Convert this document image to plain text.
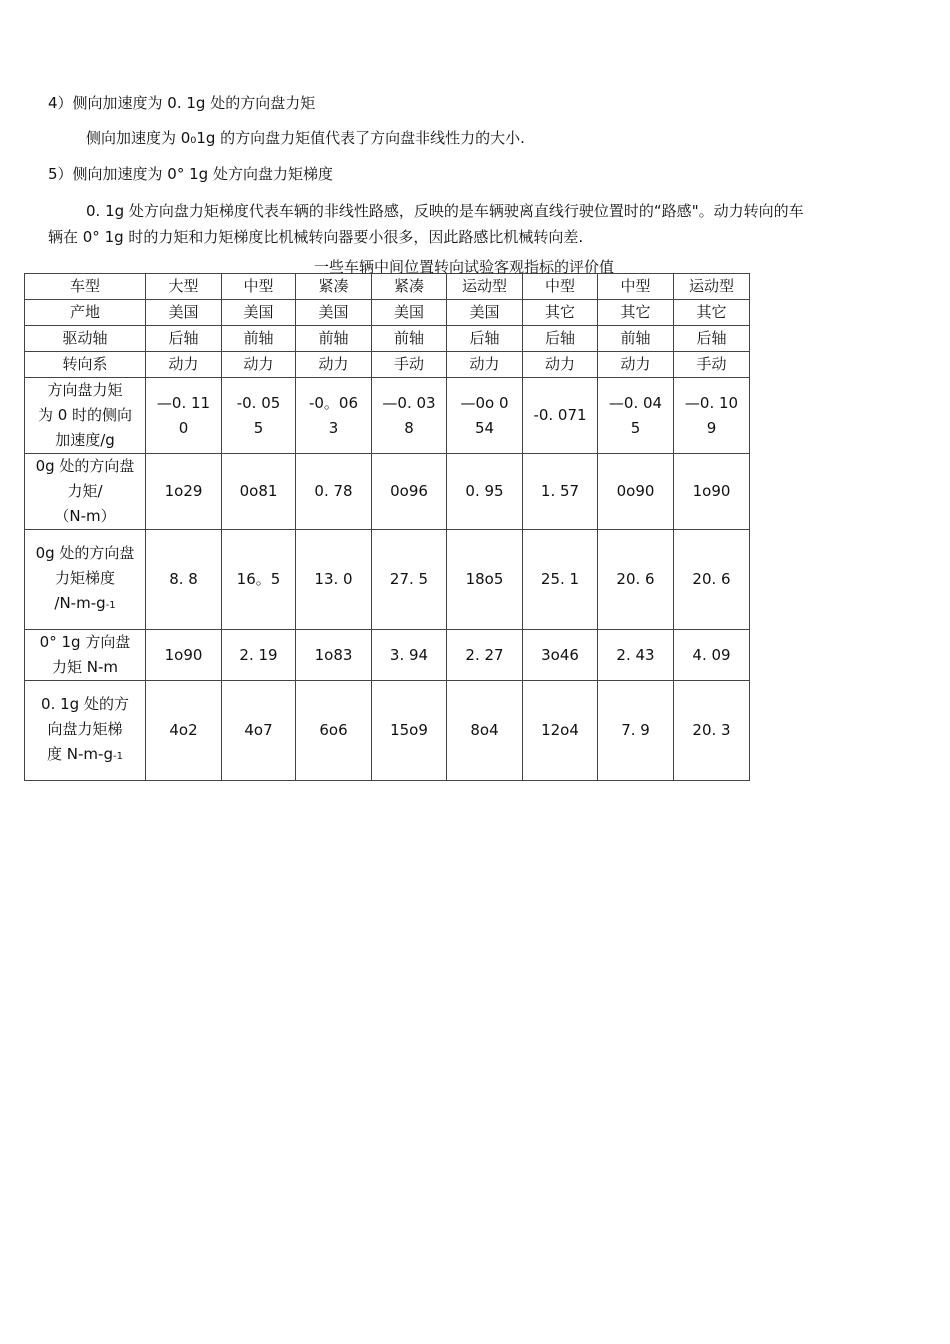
4）侧向加速度为 0. 1g 处的方向盘力矩
侧向加速度为 0₀1g 的方向盘力矩值代表了方向盘非线性力的大小.
5）侧向加速度为 0° 1g 处方向盘力矩梯度
0. 1g 处方向盘力矩梯度代表车辆的非线性路感，反映的是车辆驶离直线行驶位置时的“路感"。动力转向的车
辆在 0° 1g 时的力矩和力矩梯度比机械转向器要小很多，因此路感比机械转向差.
一些车辆中间位置转向试验客观指标的评价值
车型	大型	中型	紧凑	紧凑	运动型	中型	中型	运动型
产地	美国	美国	美国	美国	美国	其它	其它	其它
驱动轴	后轴	前轴	前轴	前轴	后轴	后轴	前轴	后轴
转向系	动力	动力	动力	手动	动力	动力	动力	手动

方向盘力矩
为 0 时的侧向
加速度/g	—0. 110	-0. 055	-0。063	—0. 038	—0o 054	-0. 071	—0. 045	—0. 109

0g 处的方向盘
力矩/
（N-m）	1o29	0o81	0. 78	0o96	0. 95	1. 57	0o90	1o90

0g 处的方向盘
力矩梯度
/N-m-g-1	8. 8	16。5	13. 0	27. 5	18o5	25. 1	20. 6	20. 6

0° 1g 方向盘
力矩 N-m	1o90	2. 19	1o83	3. 94	2. 27	3o46	2. 43	4. 09

0. 1g 处的方
向盘力矩梯
度 N-m-g-1	4o2	4o7	6o6	15o9	8o4	12o4	7. 9	20. 3
